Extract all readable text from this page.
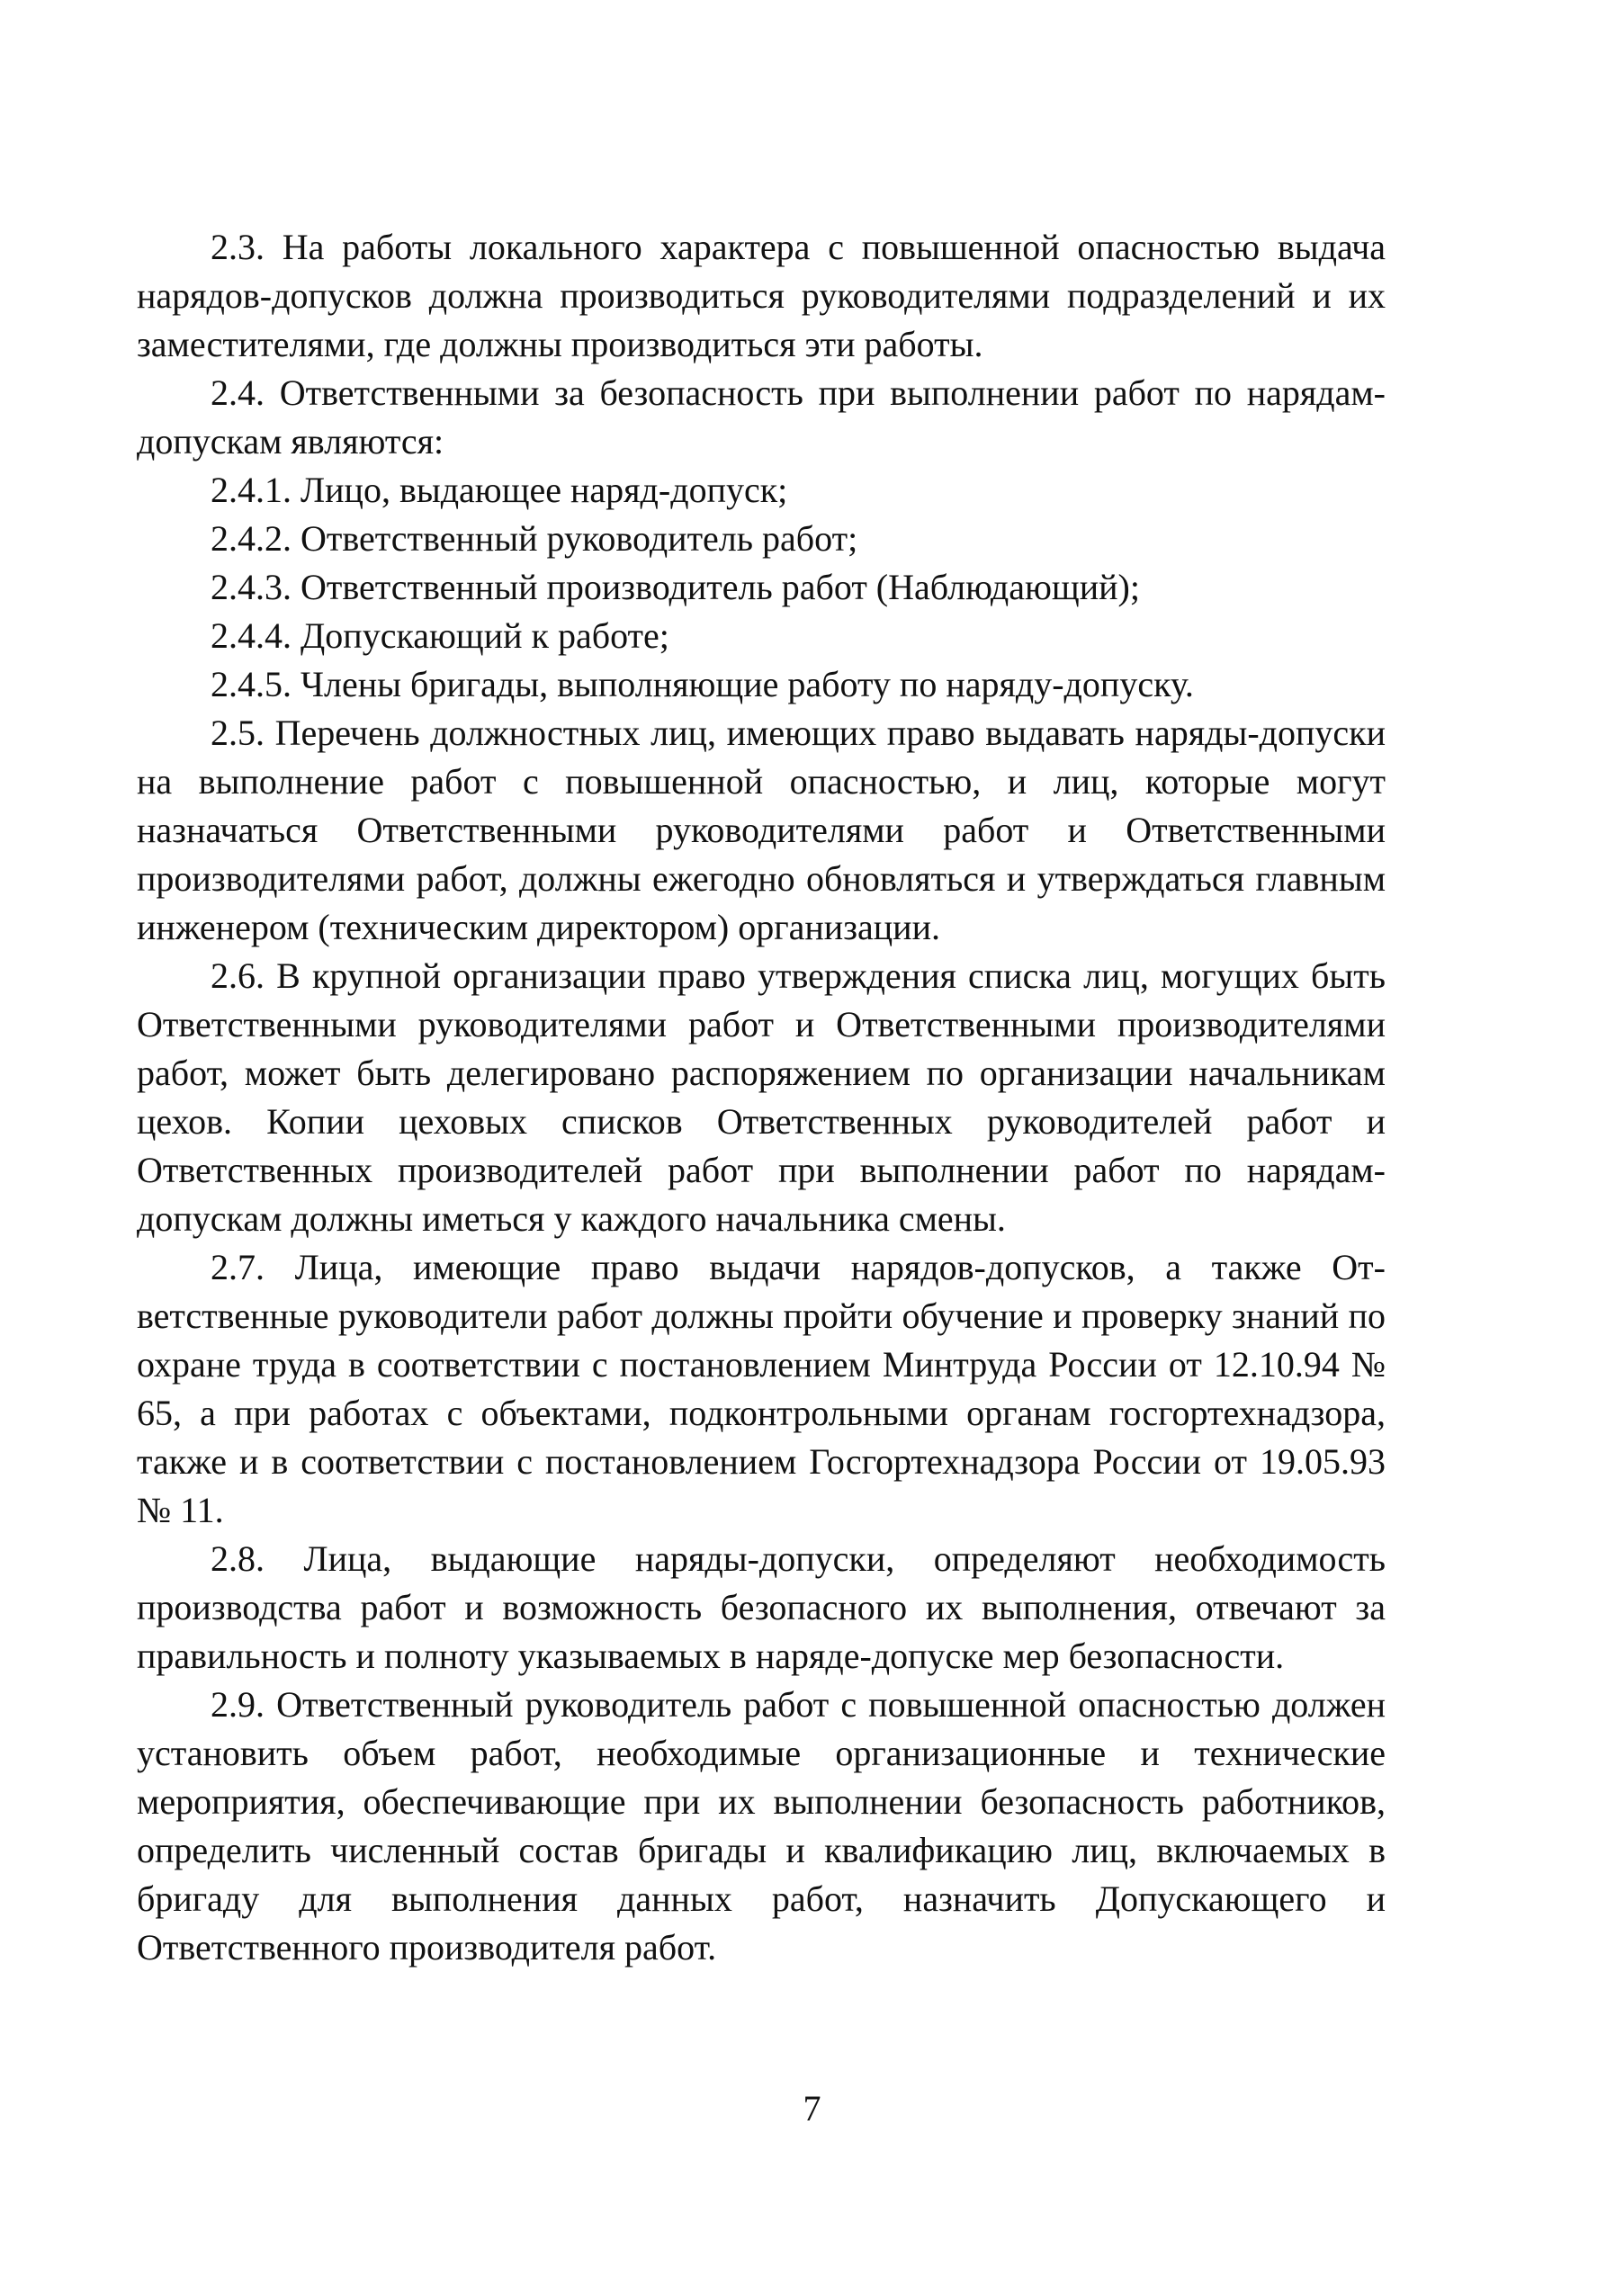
2.3. На работы локального характера с повышенной опасностью выдача нарядов-допусков должна производиться руководителями подразделений и их заместителями, где должны производиться эти работы.

2.4. Ответственными за безопасность при выполнении работ по нарядам-допускам являются:

2.4.1. Лицо, выдающее наряд-допуск;

2.4.2. Ответственный руководитель работ;

2.4.3. Ответственный производитель работ (Наблюдающий);

2.4.4. Допускающий к работе;

2.4.5. Члены бригады, выполняющие работу по наряду-допуску.

2.5. Перечень должностных лиц, имеющих право выдавать наряды-допуски на выполнение работ с повышенной опасностью, и лиц, которые могут назначаться Ответственными руководителями работ и Ответственными производителями работ, должны ежегодно обновляться и утверждаться главным инженером (техническим директором) организации.

2.6. В крупной организации право утверждения списка лиц, могущих быть Ответственными руководителями работ и Ответственными производителями работ, может быть делегировано распоряжением по организации начальникам цехов. Копии цеховых списков Ответственных руководителей работ и Ответственных производителей работ при выполнении работ по нарядам-допускам должны иметься у каждого начальника смены.

2.7. Лица, имеющие право выдачи нарядов-допусков, а также Ответственные руководители работ должны пройти обучение и проверку знаний по охране труда в соответствии с постановлением Минтруда России от 12.10.94 № 65, а при работах с объектами, подконтрольными органам госгортехнадзора, также и в соответствии с постановлением Госгортехнадзора России от 19.05.93 № 11.

2.8. Лица, выдающие наряды-допуски, определяют необходимость производства работ и возможность безопасного их выполнения, отвечают за правильность и полноту указываемых в наряде-допуске мер безопасности.

2.9. Ответственный руководитель работ с повышенной опасностью должен установить объем работ, необходимые организационные и технические мероприятия, обеспечивающие при их выполнении безопасность работников, определить численный состав бригады и квалификацию лиц, включаемых в бригаду для выполнения данных работ, назначить Допускающего и Ответственного производителя работ.

7
